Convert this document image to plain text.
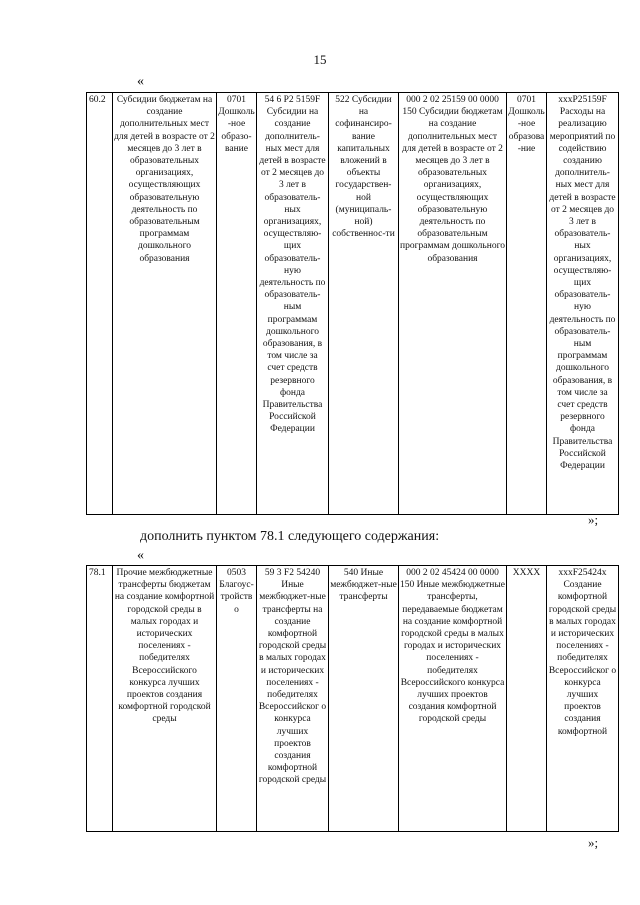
15
«
60.2	Субсидии бюджетам на создание дополнительных мест для детей в возрасте от 2 месяцев до 3 лет в образовательных организациях, осуществляющих образовательную деятельность по образовательным программам дошкольного образования	0701 Дошколь-ное образо-вание	54 6 P2 5159F Субсидии на создание дополнитель-ных мест для детей в возрасте от 2 месяцев до 3 лет в образователь-ных организациях, осуществляю-щих образователь-ную деятельность по образователь-ным программам дошкольного образования, в том числе за счет средств резервного фонда Правительства Российской Федерации	522 Субсидии на софинансиро-вание капитальных вложений в объекты государствен-ной (муниципаль-ной) собственнос-ти	000 2 02 25159 00 0000 150 Субсидии бюджетам на создание дополнительных мест для детей в возрасте от 2 месяцев до 3 лет в образовательных организациях, осуществляющих образовательную деятельность по образовательным программам дошкольного образования	0701 Дошколь-ное образова-ние	xxxP25159F Расходы на реализацию мероприятий по содействию созданию дополнитель-ных мест для детей в возрасте от 2 месяцев до 3 лет в образователь-ных организациях, осуществляю-щих образователь-ную деятельность по образователь-ным программам дошкольного образования, в том числе за счет средств резервного фонда Правительства Российской Федерации
»;
дополнить пунктом 78.1 следующего содержания:
«
78.1	Прочие межбюджетные трансферты бюджетам на создание комфортной городской среды в малых городах и исторических поселениях - победителях Всероссийского конкурса лучших проектов создания комфортной городской среды	0503 Благоус-тройств о	59 3 F2 54240 Иные межбюджет-ные трансферты на создание комфортной городской среды в малых городах и исторических поселениях - победителях Всероссийског о конкурса лучших проектов создания комфортной городской среды	540 Иные межбюджет-ные трансферты	000 2 02 45424 00 0000 150 Иные межбюджетные трансферты, передаваемые бюджетам на создание комфортной городской среды в малых городах и исторических поселениях - победителях Всероссийского конкурса лучших проектов создания комфортной городской среды	XXXX	xxxF25424x Создание комфортной городской среды в малых городах и исторических поселениях - победителях Всероссийског о конкурса лучших проектов создания комфортной
»;
